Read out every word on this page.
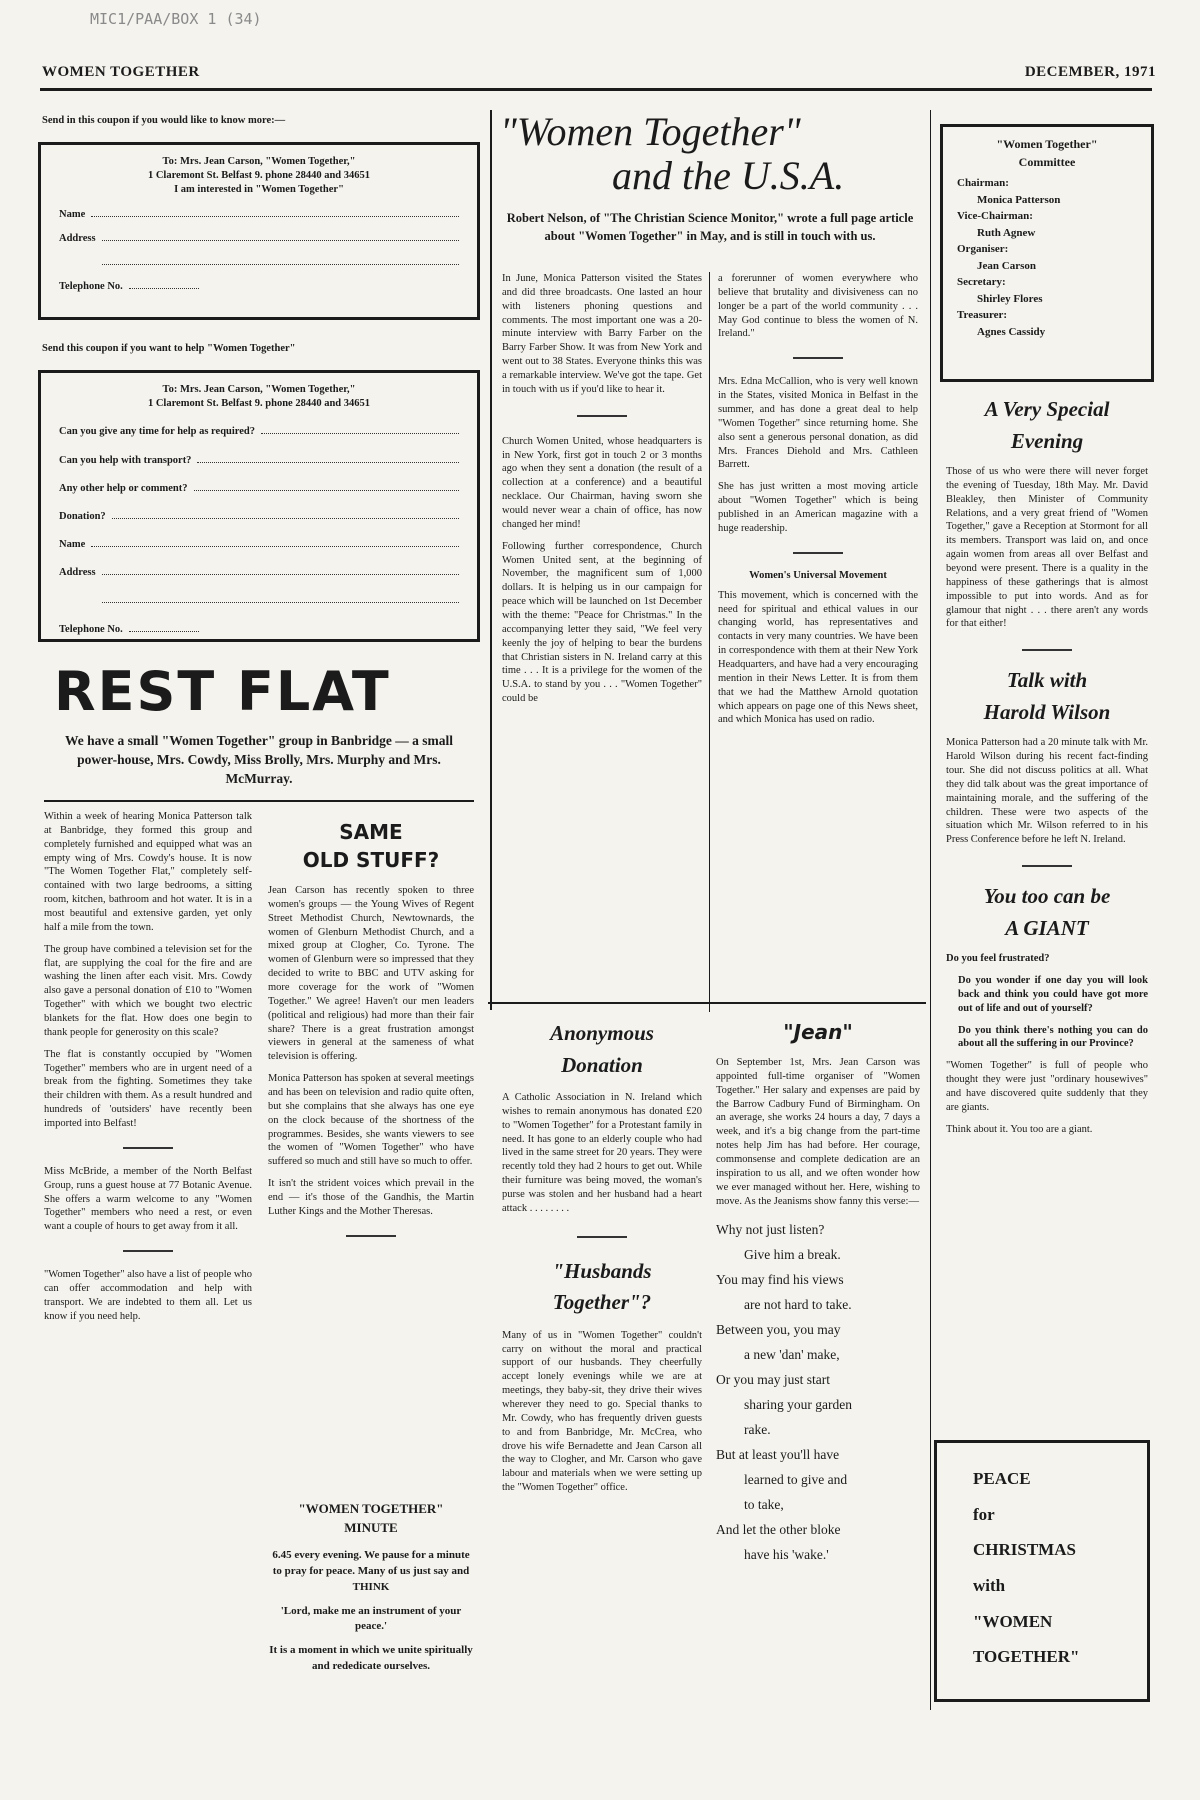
MIC1/PAA/BOX 1 (34)
WOMEN TOGETHER	DECEMBER, 1971
Send in this coupon if you would like to know more:—
To: Mrs. Jean Carson, "Women Together,"
1 Claremont St. Belfast 9. phone 28440 and 34651
I am interested in "Women Together"
Name
Address
Telephone No.
Send this coupon if you want to help "Women Together"
To: Mrs. Jean Carson, "Women Together,"
1 Claremont St. Belfast 9. phone 28440 and 34651
Can you give any time for help as required?
Can you help with transport?
Any other help or comment?
Donation?
Name
Address
Telephone No.
REST FLAT
We have a small "Women Together" group in Banbridge — a small power-house, Mrs. Cowdy, Miss Brolly, Mrs. Murphy and Mrs. McMurray.

Within a week of hearing Monica Patterson talk at Banbridge, they formed this group and completely furnished and equipped what was an empty wing of Mrs. Cowdy's house. It is now "The Women Together Flat," completely self-contained with two large bedrooms, a sitting room, kitchen, bathroom and hot water. It is in a most beautiful and extensive garden, yet only half a mile from the town.

The group have combined a television set for the flat, are supplying the coal for the fire and are washing the linen after each visit. Mrs. Cowdy also gave a personal donation of £10 to "Women Together" with which we bought two electric blankets for the flat. How does one begin to thank people for generosity on this scale?

The flat is constantly occupied by "Women Together" members who are in urgent need of a break from the fighting. Sometimes they take their children with them. As a result hundred and hundreds of 'outsiders' have recently been imported into Belfast!

Miss McBride, a member of the North Belfast Group, runs a guest house at 77 Botanic Avenue. She offers a warm welcome to any "Women Together" members who need a rest, or even want a couple of hours to get away from it all.

"Women Together" also have a list of people who can offer accommodation and help with transport. We are indebted to them all. Let us know if you need help.

SAME
OLD STUFF?

Jean Carson has recently spoken to three women's groups — the Young Wives of Regent Street Methodist Church, Newtownards, the women of Glenburn Methodist Church, and a mixed group at Clogher, Co. Tyrone. The women of Glenburn were so impressed that they decided to write to BBC and UTV asking for more coverage for the work of "Women Together." We agree! Haven't our men leaders (political and religious) had more than their fair share? There is a great frustration amongst viewers in general at the sameness of what television is offering.

Monica Patterson has spoken at several meetings and has been on television and radio quite often, but she complains that she always has one eye on the clock because of the shortness of the programmes. Besides, she wants viewers to see the women of "Women Together" who have suffered so much and still have so much to offer.

It isn't the strident voices which prevail in the end — it's those of the Gandhis, the Martin Luther Kings and the Mother Theresas.

"WOMEN TOGETHER"
MINUTE
6.45 every evening. We pause for a minute to pray for peace. Many of us just say and THINK
'Lord, make me an instrument of your peace.'
It is a moment in which we unite spiritually and rededicate ourselves.
"Women Together"
and the U.S.A.
Robert Nelson, of "The Christian Science Monitor," wrote a full page article about "Women Together" in May, and is still in touch with us.

In June, Monica Patterson visited the States and did three broadcasts. One lasted an hour with listeners phoning questions and comments. The most important one was a 20-minute interview with Barry Farber on the Barry Farber Show. It was from New York and went out to 38 States. Everyone thinks this was a remarkable interview. We've got the tape. Get in touch with us if you'd like to hear it.

Church Women United, whose headquarters is in New York, first got in touch 2 or 3 months ago when they sent a donation (the result of a collection at a conference) and a beautiful necklace. Our Chairman, having sworn she would never wear a chain of office, has now changed her mind!

Following further correspondence, Church Women United sent, at the beginning of November, the magnificent sum of 1,000 dollars. It is helping us in our campaign for peace which will be launched on 1st December with the theme: "Peace for Christmas." In the accompanying letter they said, "We feel very keenly the joy of helping to bear the burdens that Christian sisters in N. Ireland carry at this time . . . It is a privilege for the women of the U.S.A. to stand by you . . . "Women Together" could be

a forerunner of women everywhere who believe that brutality and divisiveness can no longer be a part of the world community . . . May God continue to bless the women of N. Ireland."

Mrs. Edna McCallion, who is very well known in the States, visited Monica in Belfast in the summer, and has done a great deal to help "Women Together" since returning home. She also sent a generous personal donation, as did Mrs. Frances Diehold and Mrs. Cathleen Barrett.

She has just written a most moving article about "Women Together" which is being published in an American magazine with a huge readership.

Women's Universal Movement

This movement, which is concerned with the need for spiritual and ethical values in our changing world, has representatives and contacts in very many countries. We have been in correspondence with them at their New York Headquarters, and have had a very encouraging mention in their News Letter. It is from them that we had the Matthew Arnold quotation which appears on page one of this News sheet, and which Monica has used on radio.

Anonymous
Donation

A Catholic Association in N. Ireland which wishes to remain anonymous has donated £20 to "Women Together" for a Protestant family in need. It has gone to an elderly couple who had lived in the same street for 20 years. They were recently told they had 2 hours to get out. While their furniture was being moved, the woman's purse was stolen and her husband had a heart attack . . . . . . . .

"Husbands
Together"?

Many of us in "Women Together" couldn't carry on without the moral and practical support of our husbands. They cheerfully accept lonely evenings while we are at meetings, they baby-sit, they drive their wives wherever they need to go. Special thanks to Mr. Cowdy, who has frequently driven guests to and from Banbridge, Mr. McCrea, who drove his wife Bernadette and Jean Carson all the way to Clogher, and Mr. Carson who gave labour and materials when we were setting up the "Women Together" office.

"Jean"

On September 1st, Mrs. Jean Carson was appointed full-time organiser of "Women Together." Her salary and expenses are paid by the Barrow Cadbury Fund of Birmingham. On an average, she works 24 hours a day, 7 days a week, and it's a big change from the part-time notes help Jim has had before. Her courage, commonsense and complete dedication are an inspiration to us all, and we often wonder how we ever managed without her. Here, wishing to move. As the Jeanisms show fanny this verse:—

Why not just listen?
Give him a break.
You may find his views
are not hard to take.
Between you, you may
a new 'dan' make,
Or you may just start
sharing your garden
rake.
But at least you'll have
learned to give and
to take,
And let the other bloke
have his 'wake.'
"Women Together"
Committee
Chairman:
Monica Patterson
Vice-Chairman:
Ruth Agnew
Organiser:
Jean Carson
Secretary:
Shirley Flores
Treasurer:
Agnes Cassidy
A Very Special
Evening

Those of us who were there will never forget the evening of Tuesday, 18th May. Mr. David Bleakley, then Minister of Community Relations, and a very great friend of "Women Together," gave a Reception at Stormont for all its members. Transport was laid on, and once again women from areas all over Belfast and beyond were present. There is a quality in the happiness of these gatherings that is almost impossible to put into words. And as for glamour that night . . . there aren't any words for that either!

Talk with
Harold Wilson

Monica Patterson had a 20 minute talk with Mr. Harold Wilson during his recent fact-finding tour. She did not discuss politics at all. What they did talk about was the great importance of maintaining morale, and the suffering of the children. These were two aspects of the situation which Mr. Wilson referred to in his Press Conference before he left N. Ireland.

You too can be
A GIANT

Do you feel frustrated?

Do you wonder if one day you will look back and think you could have got more out of life and out of yourself?

Do you think there's nothing you can do about all the suffering in our Province?

"Women Together" is full of people who thought they were just "ordinary housewives" and have discovered quite suddenly that they are giants.

Think about it. You too are a giant.

PEACE
for
CHRISTMAS
with
"WOMEN
TOGETHER"
